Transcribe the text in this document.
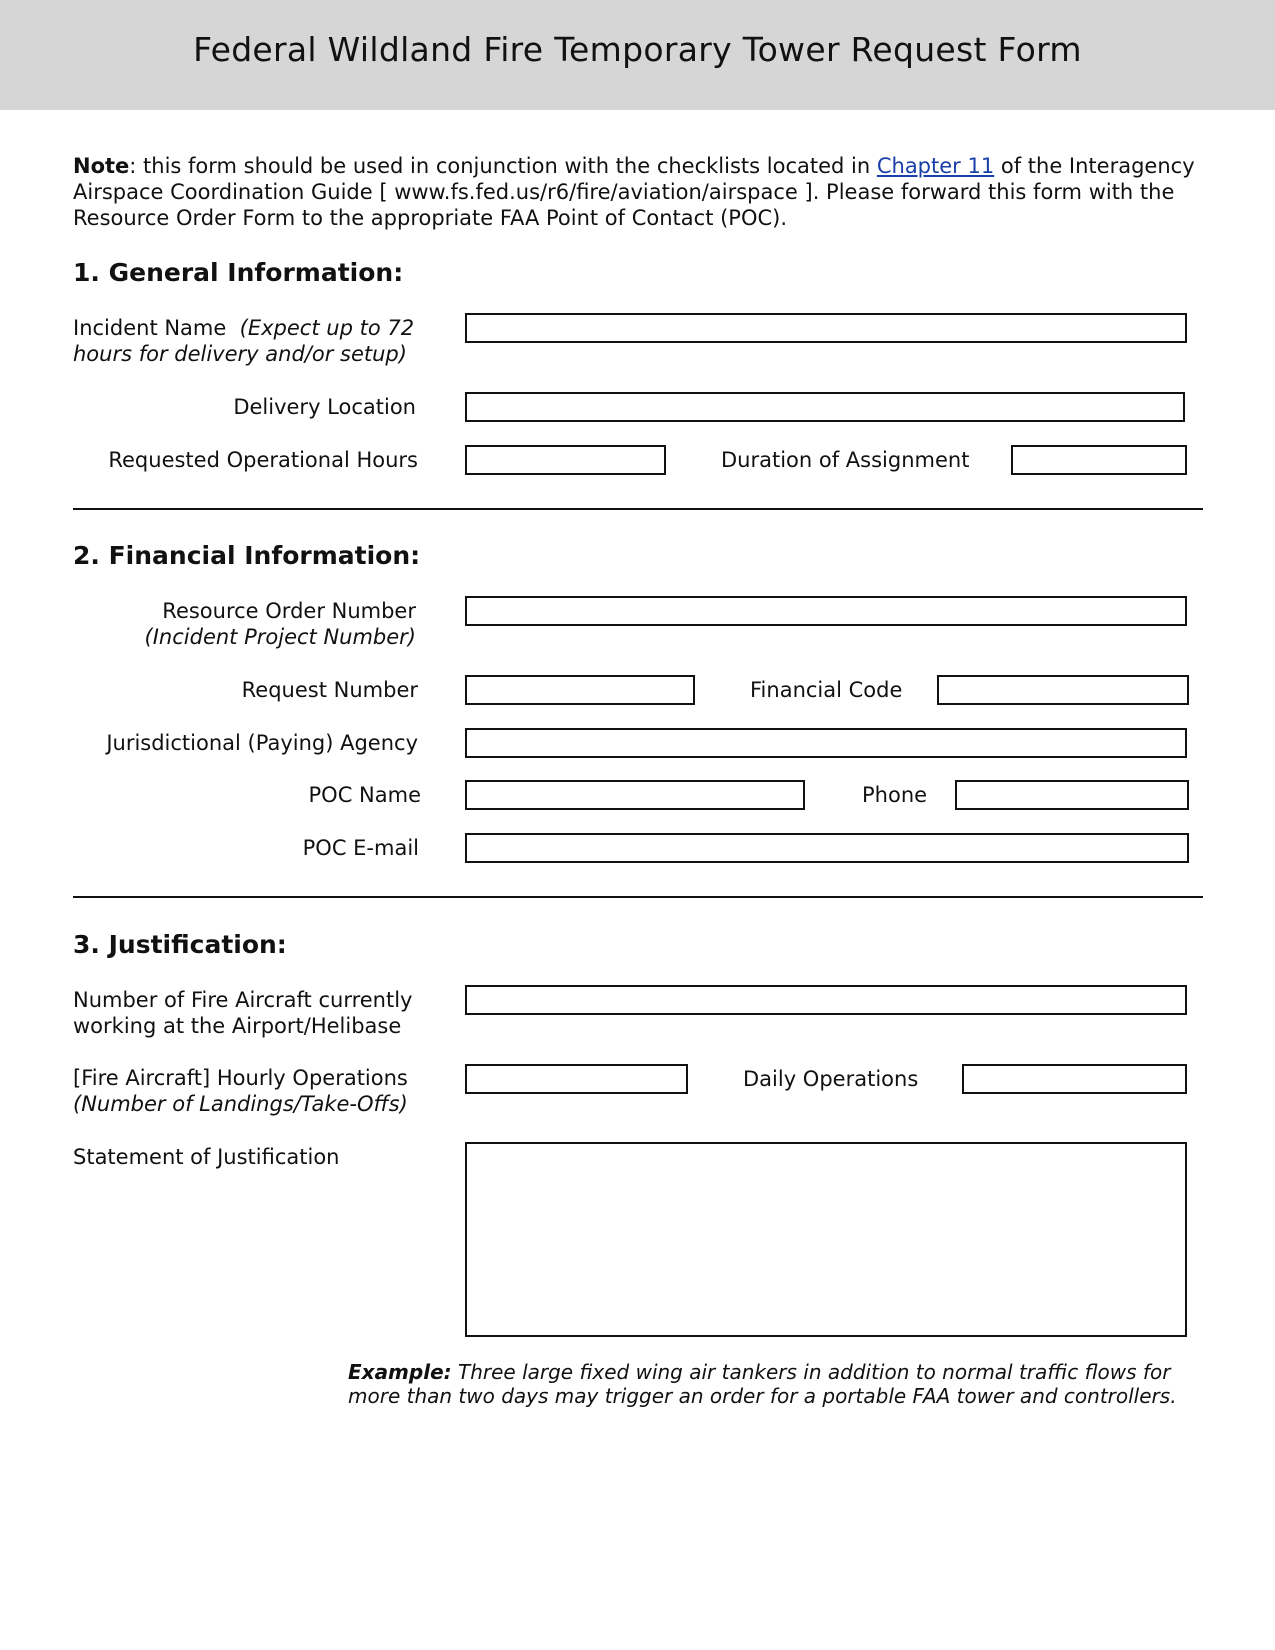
Federal Wildland Fire Temporary Tower Request Form
Note: this form should be used in conjunction with the checklists located in Chapter 11 of the Interagency Airspace Coordination Guide [ www.fs.fed.us/r6/fire/aviation/airspace ]. Please forward this form with the Resource Order Form to the appropriate FAA Point of Contact (POC).
1. General Information:
Incident Name (Expect up to 72
hours for delivery and/or setup)
Delivery Location
Requested Operational Hours	Duration of Assignment
2. Financial Information:
Resource Order Number
(Incident Project Number)
Request Number	Financial Code
Jurisdictional (Paying) Agency
POC Name	Phone
POC E-mail
3. Justification:
Number of Fire Aircraft currently
working at the Airport/Helibase
[Fire Aircraft] Hourly Operations
(Number of Landings/Take-Offs)
Daily Operations
Statement of Justification
Example: Three large fixed wing air tankers in addition to normal traffic flows for more than two days may trigger an order for a portable FAA tower and controllers.
